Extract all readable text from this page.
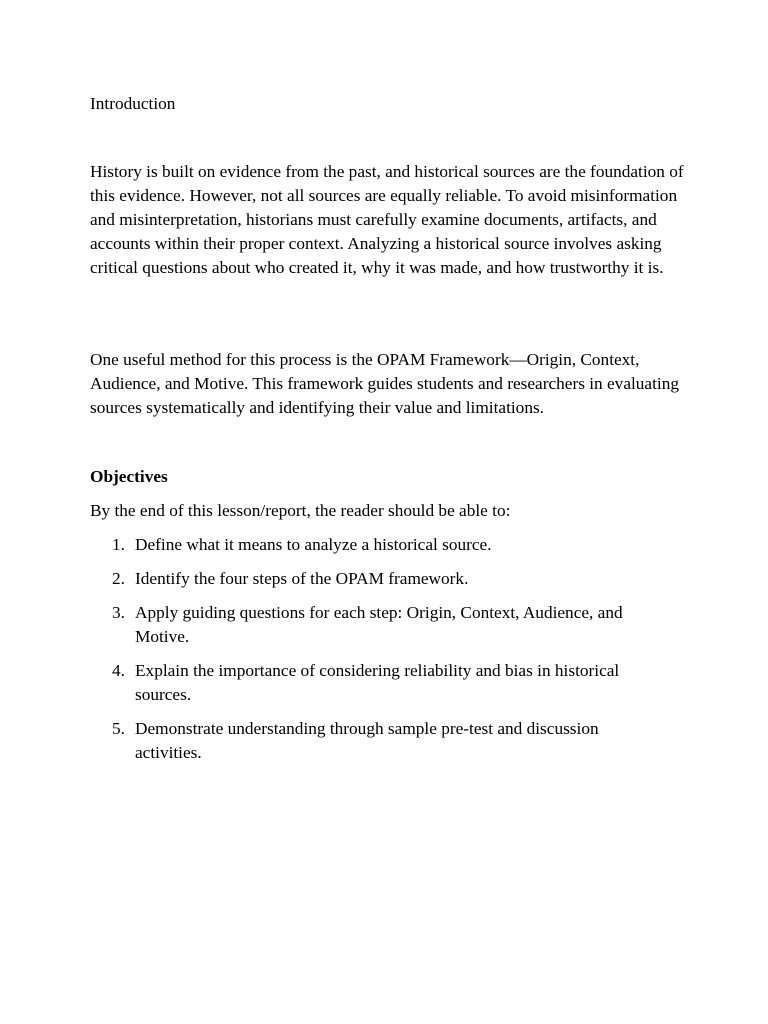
Introduction

History is built on evidence from the past, and historical sources are the foundation of this evidence. However, not all sources are equally reliable. To avoid misinformation and misinterpretation, historians must carefully examine documents, artifacts, and accounts within their proper context. Analyzing a historical source involves asking critical questions about who created it, why it was made, and how trustworthy it is.

One useful method for this process is the OPAM Framework—Origin, Context, Audience, and Motive. This framework guides students and researchers in evaluating sources systematically and identifying their value and limitations.

Objectives

By the end of this lesson/report, the reader should be able to:

1. Define what it means to analyze a historical source.
2. Identify the four steps of the OPAM framework.
3. Apply guiding questions for each step: Origin, Context, Audience, and Motive.
4. Explain the importance of considering reliability and bias in historical sources.
5. Demonstrate understanding through sample pre-test and discussion activities.
